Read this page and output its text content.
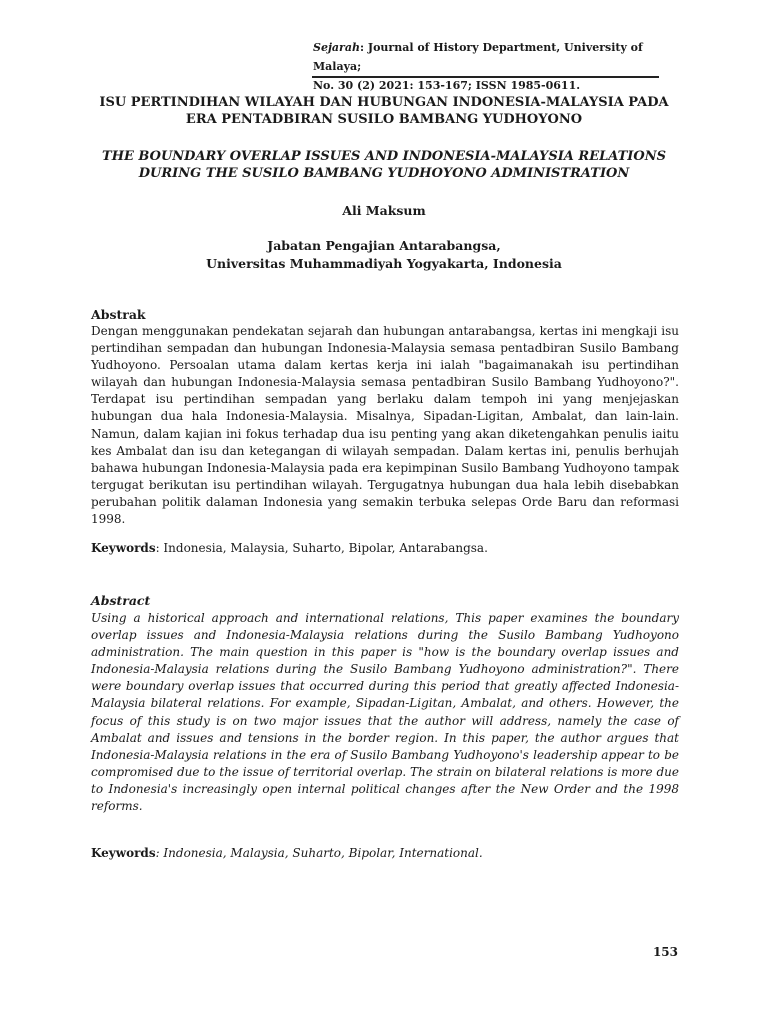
Sejarah: Journal of History Department, University of Malaya;
No. 30 (2) 2021: 153-167; ISSN 1985-0611.
ISU PERTINDIHAN WILAYAH DAN HUBUNGAN INDONESIA-MALAYSIA PADA
ERA PENTADBIRAN SUSILO BAMBANG YUDHOYONO
THE BOUNDARY OVERLAP ISSUES AND INDONESIA-MALAYSIA RELATIONS
DURING THE SUSILO BAMBANG YUDHOYONO ADMINISTRATION
Ali Maksum
Jabatan Pengajian Antarabangsa,
Universitas Muhammadiyah Yogyakarta, Indonesia
Abstrak
Dengan menggunakan pendekatan sejarah dan hubungan antarabangsa, kertas ini mengkaji isu pertindihan sempadan dan hubungan Indonesia-Malaysia semasa pentadbiran Susilo Bambang Yudhoyono. Persoalan utama dalam kertas kerja ini ialah "bagaimanakah isu pertindihan wilayah dan hubungan Indonesia-Malaysia semasa pentadbiran Susilo Bambang Yudhoyono?". Terdapat isu pertindihan sempadan yang berlaku dalam tempoh ini yang menjejaskan hubungan dua hala Indonesia-Malaysia. Misalnya, Sipadan-Ligitan, Ambalat, dan lain-lain. Namun, dalam kajian ini fokus terhadap dua isu penting yang akan diketengahkan penulis iaitu kes Ambalat dan isu dan ketegangan di wilayah sempadan. Dalam kertas ini, penulis berhujah bahawa hubungan Indonesia-Malaysia pada era kepimpinan Susilo Bambang Yudhoyono tampak tergugat berikutan isu pertindihan wilayah. Tergugatnya hubungan dua hala lebih disebabkan perubahan politik dalaman Indonesia yang semakin terbuka selepas Orde Baru dan reformasi 1998.
Keywords: Indonesia, Malaysia, Suharto, Bipolar, Antarabangsa.
Abstract
Using a historical approach and international relations, This paper examines the boundary overlap issues and Indonesia-Malaysia relations during the Susilo Bambang Yudhoyono administration. The main question in this paper is "how is the boundary overlap issues and Indonesia-Malaysia relations during the Susilo Bambang Yudhoyono administration?". There were boundary overlap issues that occurred during this period that greatly affected Indonesia-Malaysia bilateral relations. For example, Sipadan-Ligitan, Ambalat, and others. However, the focus of this study is on two major issues that the author will address, namely the case of Ambalat and issues and tensions in the border region. In this paper, the author argues that Indonesia-Malaysia relations in the era of Susilo Bambang Yudhoyono's leadership appear to be compromised due to the issue of territorial overlap. The strain on bilateral relations is more due to Indonesia's increasingly open internal political changes after the New Order and the 1998 reforms.
Keywords: Indonesia, Malaysia, Suharto, Bipolar, International.
153
